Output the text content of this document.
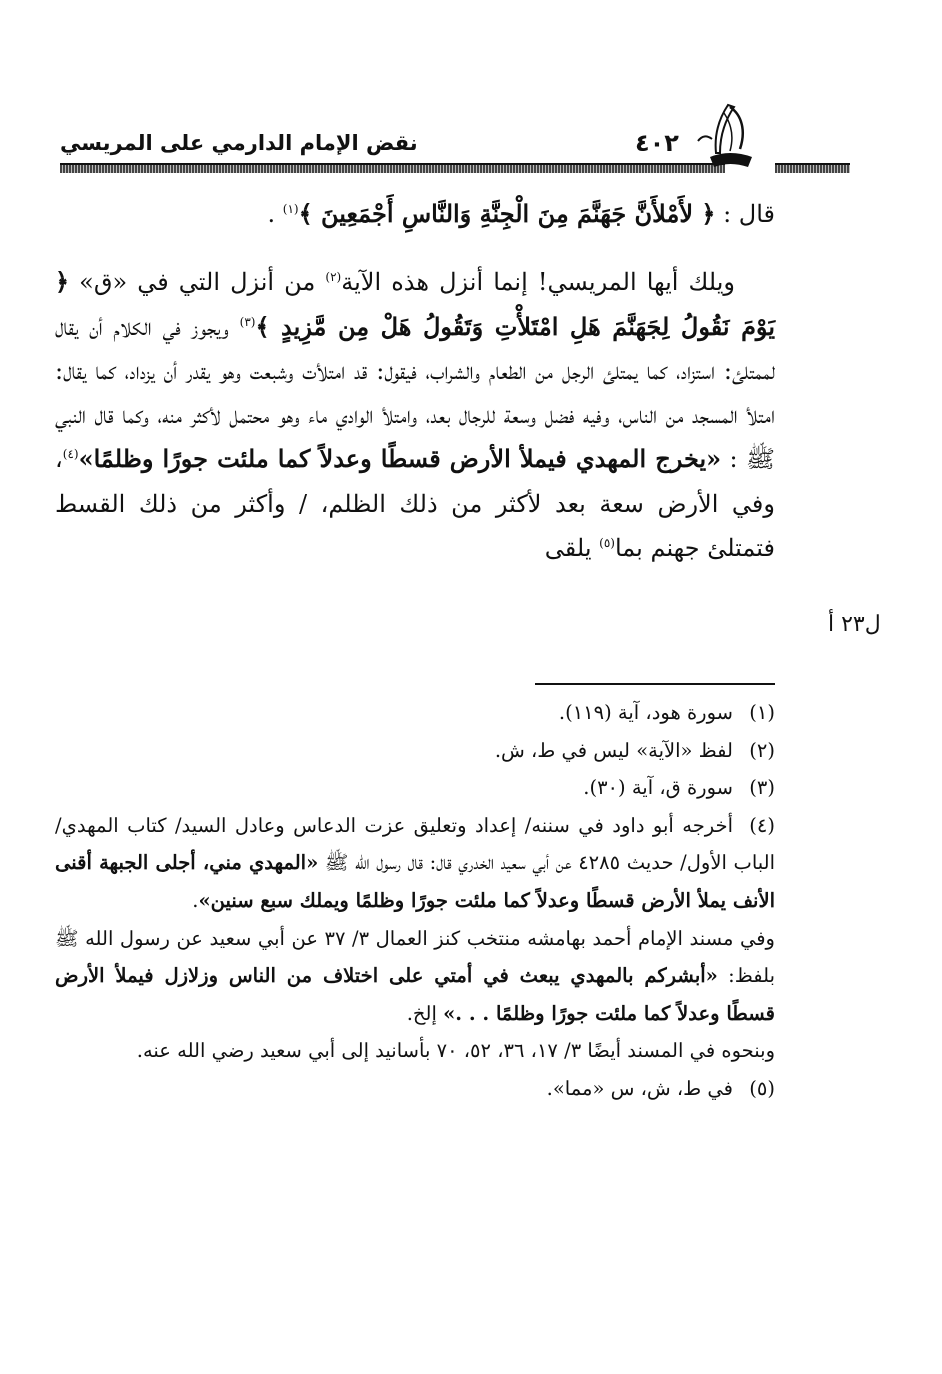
نقض الإمام الدارمي على المريسي	٤٠٢

قال : ﴿ لأَمْلأَنَّ جَهَنَّمَ مِنَ الْجِنَّةِ وَالنَّاسِ أَجْمَعِينَ ﴾$^{(١)}$ .

ويلك أيها المريسي! إنما أنزل هذه الآية$^{(٢)}$ من أنزل التي في «ق» ﴿ يَوْمَ نَقُولُ لِجَهَنَّمَ هَلِ امْتَلأْتِ وَتَقُولُ هَلْ مِن مَّزِيدٍ ﴾$^{(٣)}$ ويجوز في الكلام أن يقال لممتلئ: استزاد، كما يمتلئ الرجل من الطعام والشراب، فيقول: قد امتلأت وشبعت وهو يقدر أن يزداد، كما يقال: امتلأ المسجد من الناس، وفيه فضل وسعة للرجال بعد، وامتلأ الوادي ماء وهو محتمل لأكثر منه، وكما قال النبي ﷺ : «يخرج المهدي فيملأ الأرض قسطًا وعدلاً كما ملئت جورًا وظلمًا»$^{(٤)}$، وفي الأرض سعة بعد لأكثر من ذلك الظلم، / وأكثر من ذلك القسط فتمتلئ جهنم بما$^{(٥)}$ يلقى

ل٢٣ أ

(١)سورة هود، آية (١١٩).

(٢)لفظ «الآية» ليس في ط، ش.

(٣)سورة ق، آية (٣٠).

(٤)أخرجه أبو داود في سننه/ إعداد وتعليق عزت الدعاس وعادل السيد/ كتاب المهدي/ الباب الأول/ حديث ٤٢٨٥ عن أبي سعيد الخدري قال: قال رسول الله ﷺ «المهدي مني، أجلى الجبهة أقنى الأنف يملأ الأرض قسطًا وعدلاً كما ملئت جورًا وظلمًا ويملك سبع سنين».

وفي مسند الإمام أحمد بهامشه منتخب كنز العمال ٣/ ٣٧ عن أبي سعيد عن رسول الله ﷺ بلفظ: «أبشركم بالمهدي يبعث في أمتي على اختلاف من الناس وزلازل فيملأ الأرض قسطًا وعدلاً كما ملئت جورًا وظلمًا . . .» إلخ.

وبنحوه في المسند أيضًا ٣/ ١٧، ٣٦، ٥٢، ٧٠ بأسانيد إلى أبي سعيد رضي الله عنه.

(٥)في ط، ش، س «مما».
